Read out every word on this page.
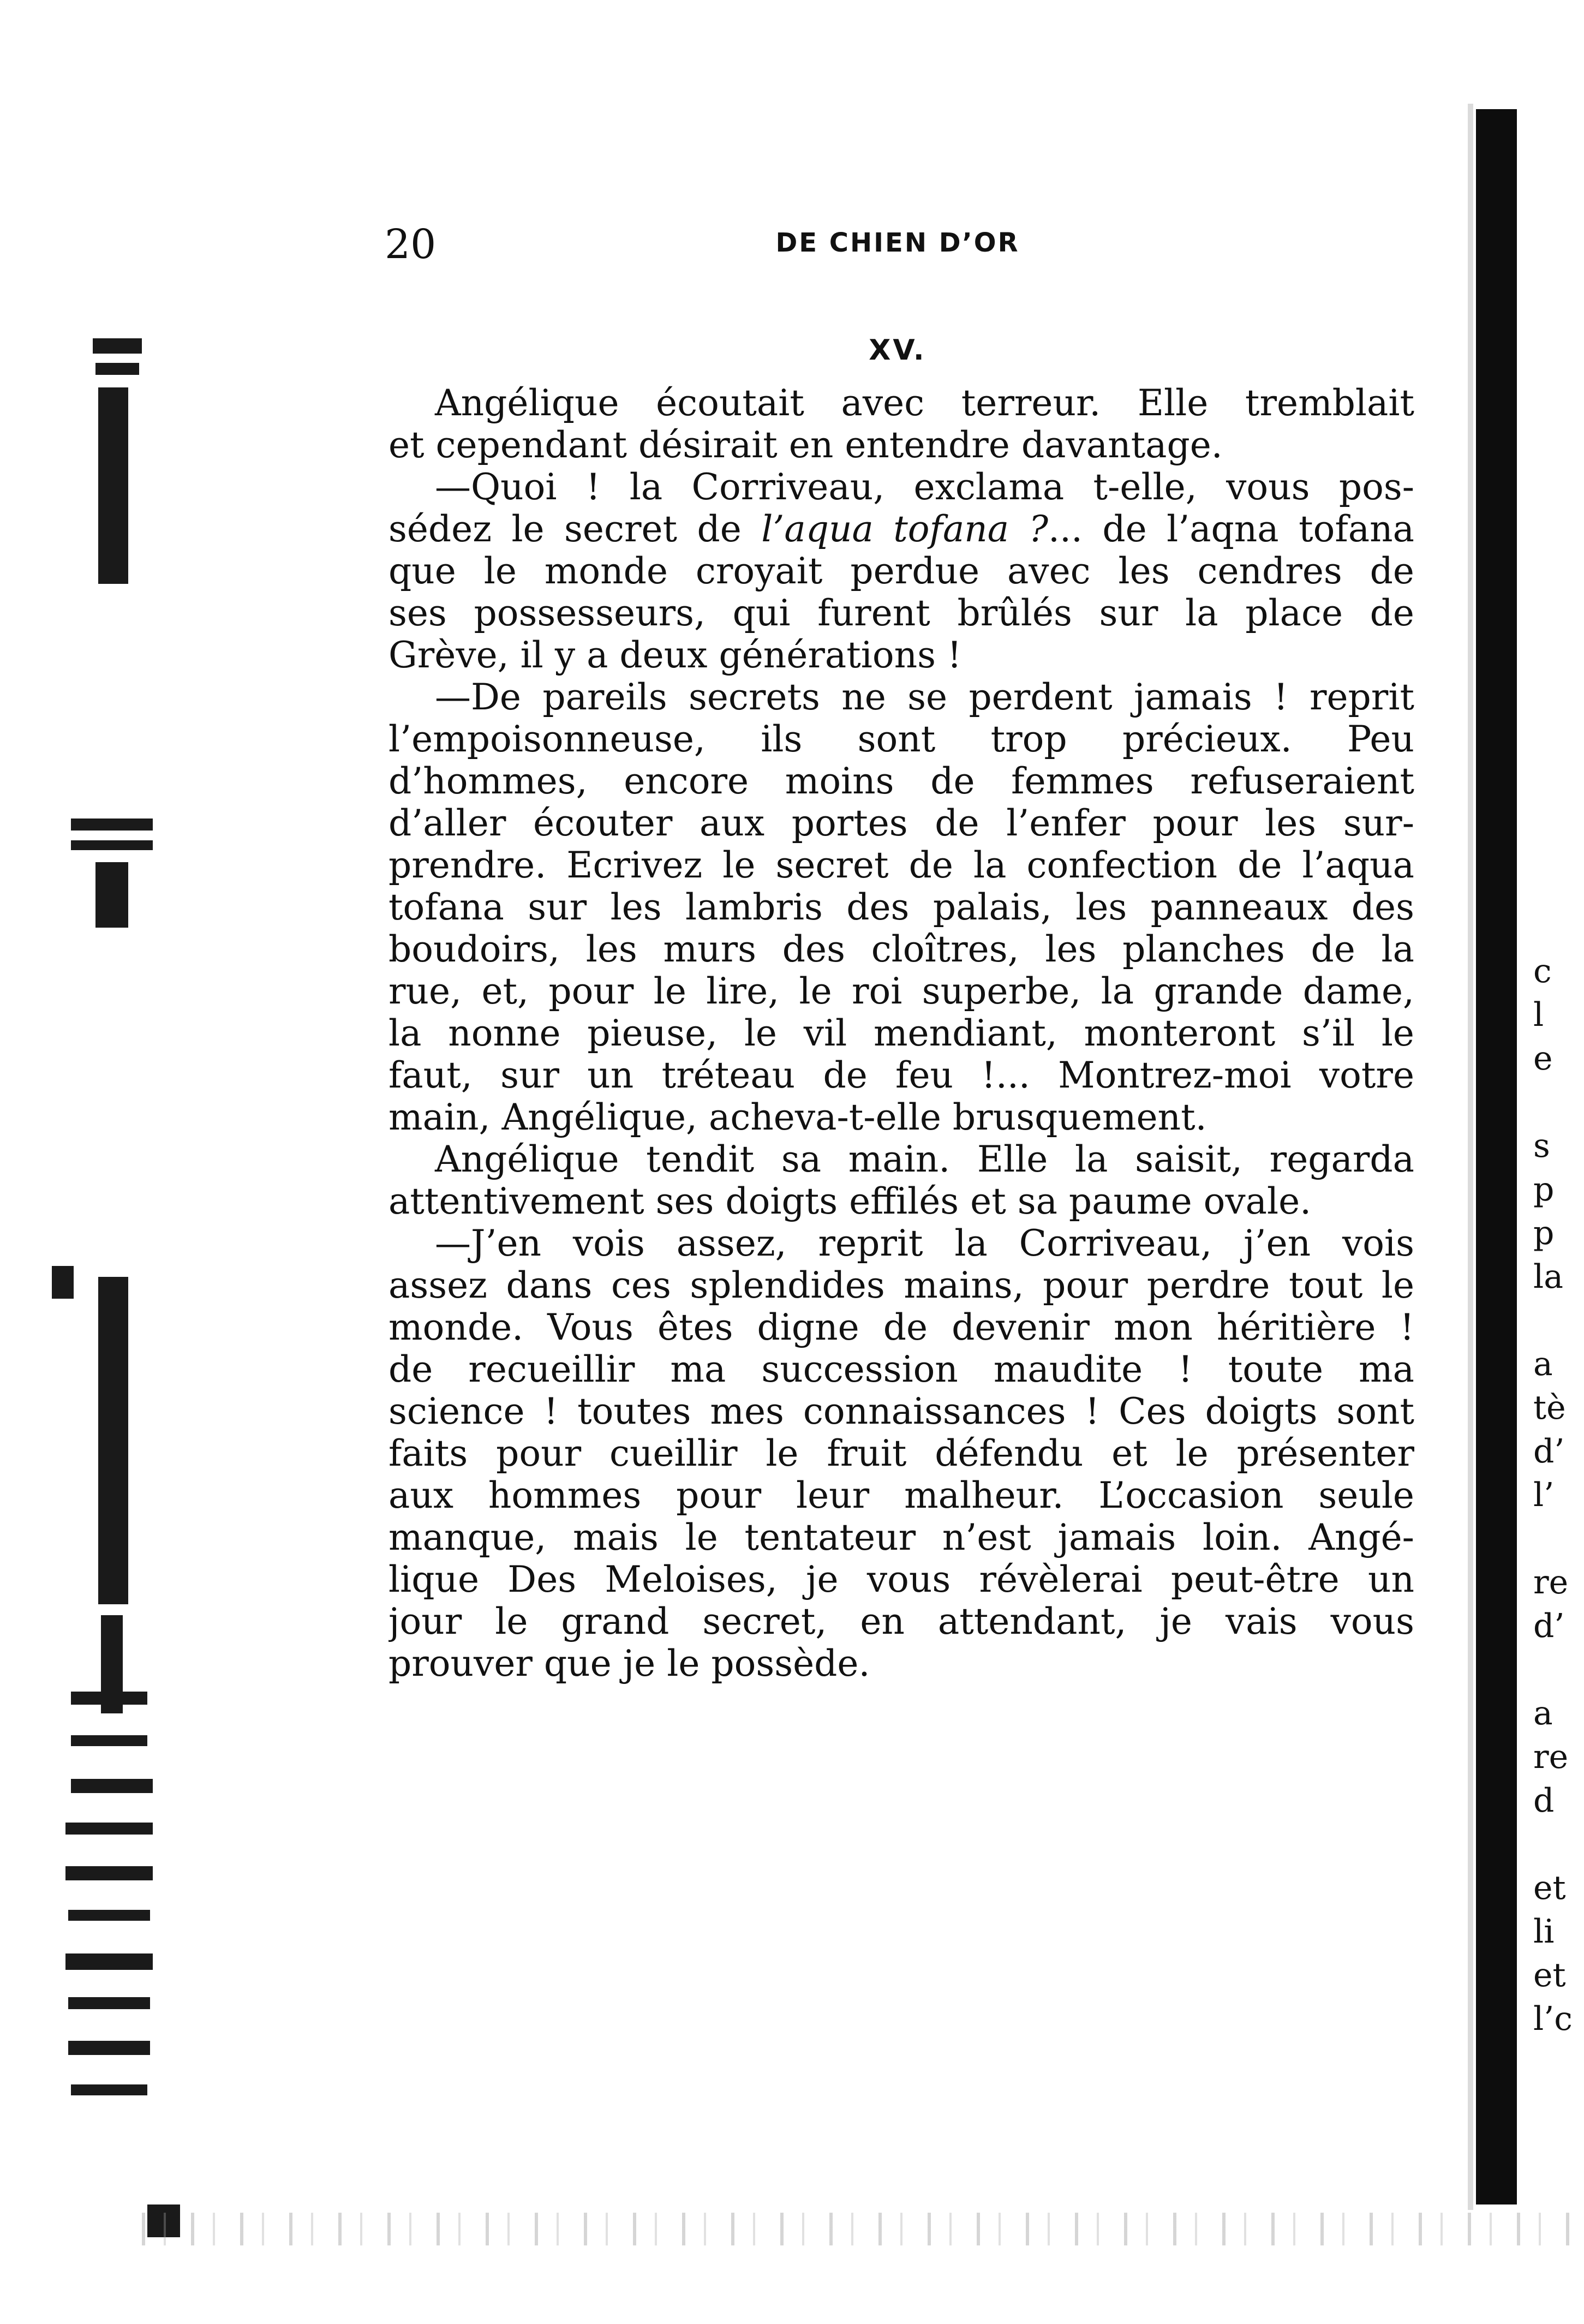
20	DE CHIEN D’OR
XV.
Angélique écoutait avec terreur. Elle tremblait
et cependant désirait en entendre davantage.
—Quoi ! la Corriveau, exclama t-elle, vous pos-
sédez le secret de l’aqua tofana ?... de l’aqna tofana
que le monde croyait perdue avec les cendres de
ses possesseurs, qui furent brûlés sur la place de
Grève, il y a deux générations !
—De pareils secrets ne se perdent jamais ! reprit
l’empoisonneuse, ils sont trop précieux. Peu
d’hommes, encore moins de femmes refuseraient
d’aller écouter aux portes de l’enfer pour les sur-
prendre. Ecrivez le secret de la confection de l’aqua
tofana sur les lambris des palais, les panneaux des
boudoirs, les murs des cloîtres, les planches de la
rue, et, pour le lire, le roi superbe, la grande dame,
la nonne pieuse, le vil mendiant, monteront s’il le
faut, sur un tréteau de feu !... Montrez-moi votre
main, Angélique, acheva-t-elle brusquement.
Angélique tendit sa main. Elle la saisit, regarda
attentivement ses doigts effilés et sa paume ovale.
—J’en vois assez, reprit la Corriveau, j’en vois
assez dans ces splendides mains, pour perdre tout le
monde. Vous êtes digne de devenir mon héritière !
de recueillir ma succession maudite ! toute ma
science ! toutes mes connaissances ! Ces doigts sont
faits pour cueillir le fruit défendu et le présenter
aux hommes pour leur malheur. L’occasion seule
manque, mais le tentateur n’est jamais loin. Angé-
lique Des Meloises, je vous révèlerai peut-être un
jour le grand secret, en attendant, je vais vous
prouver que je le possède.
c
l
e
s
p
p
la
a
tè
d’
l’
re
d’
a
re
d
et
li
et
l’c
